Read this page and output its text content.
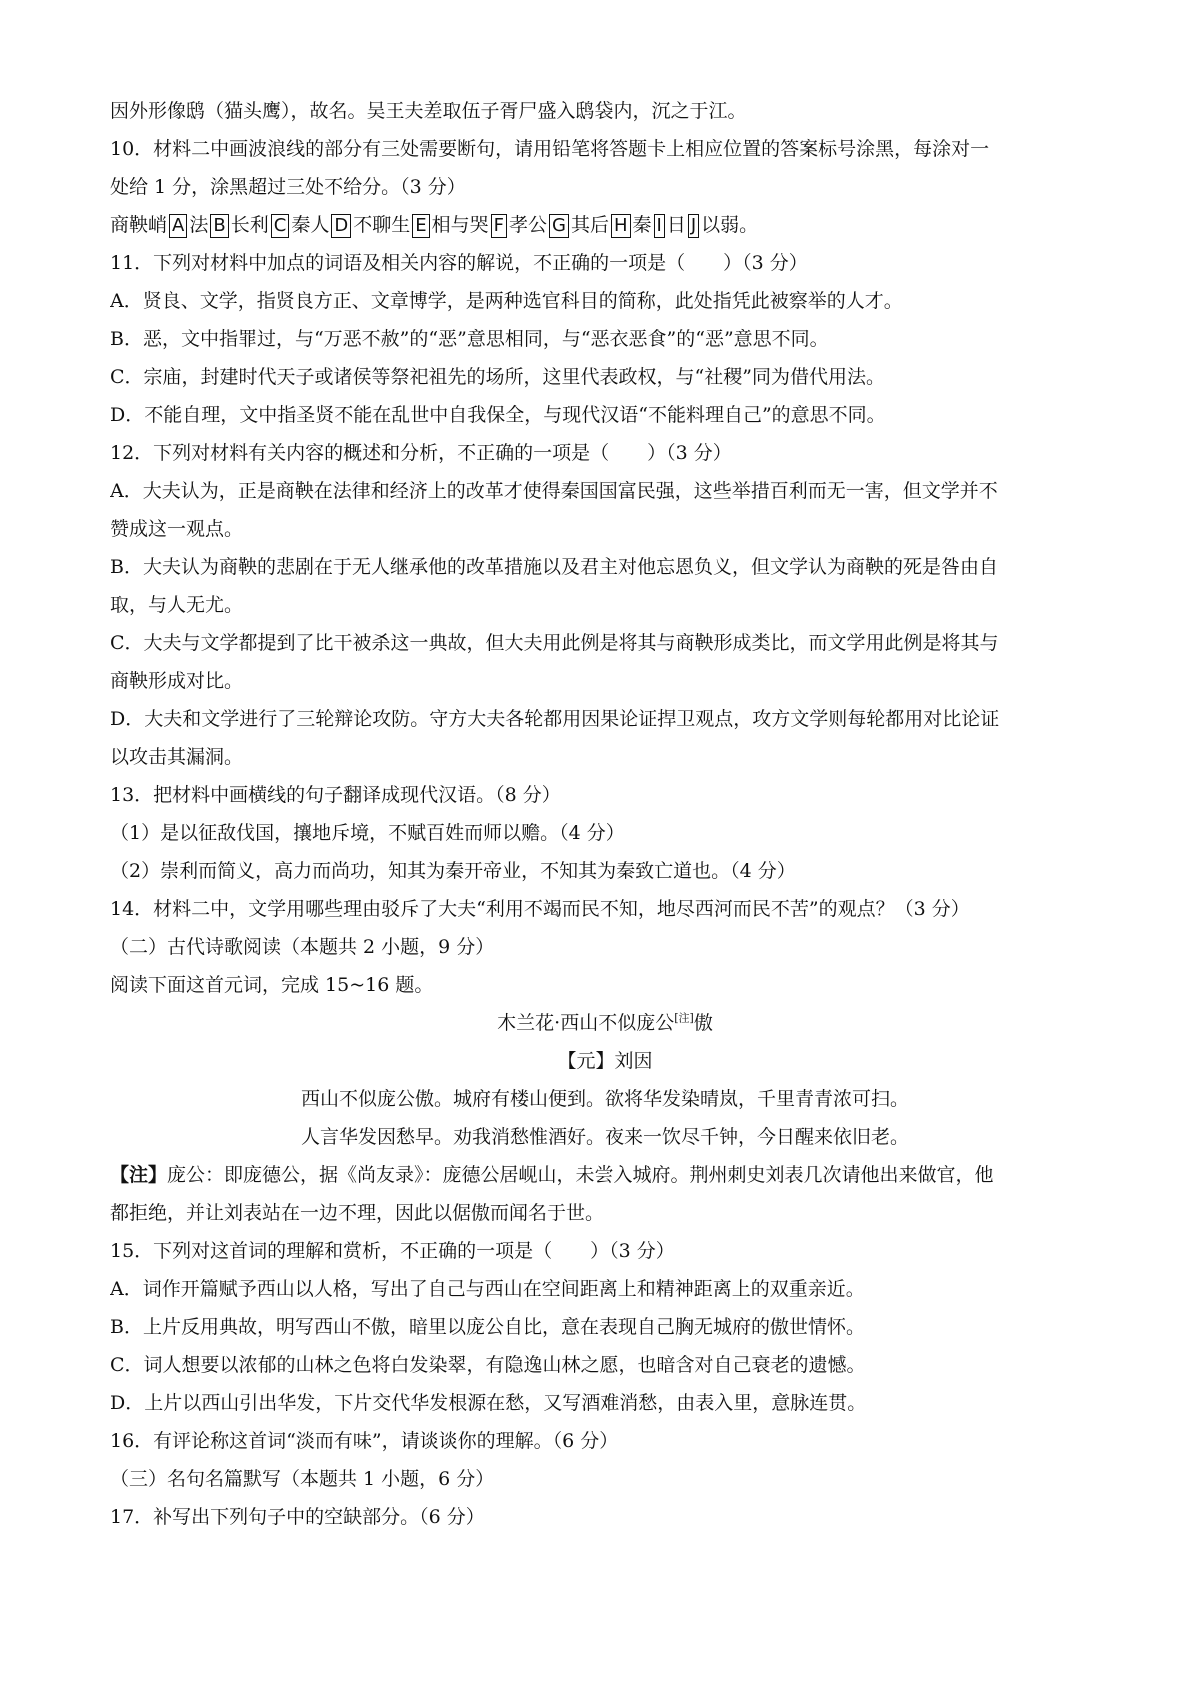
因外形像鸱（猫头鹰），故名。吴王夫差取伍子胥尸盛入鸱袋内，沉之于江。
10．材料二中画波浪线的部分有三处需要断句，请用铅笔将答题卡上相应位置的答案标号涂黑，每涂对一
处给 1 分，涂黑超过三处不给分。（3 分）
商鞅峭 A 法 B 长利 C 秦人 D 不聊生 E 相与哭 F 孝公 G 其后 H 秦 I 日 J 以弱。
11．下列对材料中加点的词语及相关内容的解说，不正确的一项是（　　）（3 分）
A．贤良、文学，指贤良方正、文章博学，是两种选官科目的简称，此处指凭此被察举的人才。
B．恶，文中指罪过，与“万恶不赦”的“恶”意思相同，与“恶衣恶食”的“恶”意思不同。
C．宗庙，封建时代天子或诸侯等祭祀祖先的场所，这里代表政权，与“社稷”同为借代用法。
D．不能自理，文中指圣贤不能在乱世中自我保全，与现代汉语“不能料理自己”的意思不同。
12．下列对材料有关内容的概述和分析，不正确的一项是（　　）（3 分）
A．大夫认为，正是商鞅在法律和经济上的改革才使得秦国国富民强，这些举措百利而无一害，但文学并不
赞成这一观点。
B．大夫认为商鞅的悲剧在于无人继承他的改革措施以及君主对他忘恩负义，但文学认为商鞅的死是咎由自
取，与人无尤。
C．大夫与文学都提到了比干被杀这一典故，但大夫用此例是将其与商鞅形成类比，而文学用此例是将其与
商鞅形成对比。
D．大夫和文学进行了三轮辩论攻防。守方大夫各轮都用因果论证捍卫观点，攻方文学则每轮都用对比论证
以攻击其漏洞。
13．把材料中画横线的句子翻译成现代汉语。（8 分）
（1）是以征敌伐国，攘地斥境，不赋百姓而师以赡。（4 分）
（2）崇利而简义，高力而尚功，知其为秦开帝业，不知其为秦致亡道也。（4 分）
14．材料二中，文学用哪些理由驳斥了大夫“利用不竭而民不知，地尽西河而民不苦”的观点？（3 分）
（二）古代诗歌阅读（本题共 2 小题，9 分）
阅读下面这首元词，完成 15~16 题。
木兰花·西山不似庞公[注]傲
【元】刘因
西山不似庞公傲。城府有楼山便到。欲将华发染晴岚，千里青青浓可扫。
人言华发因愁早。劝我消愁惟酒好。夜来一饮尽千钟，今日醒来依旧老。
【注】庞公：即庞德公，据《尚友录》：庞德公居岘山，未尝入城府。荆州刺史刘表几次请他出来做官，他
都拒绝，并让刘表站在一边不理，因此以倨傲而闻名于世。
15．下列对这首词的理解和赏析，不正确的一项是（　　）（3 分）
A．词作开篇赋予西山以人格，写出了自己与西山在空间距离上和精神距离上的双重亲近。
B．上片反用典故，明写西山不傲，暗里以庞公自比，意在表现自己胸无城府的傲世情怀。
C．词人想要以浓郁的山林之色将白发染翠，有隐逸山林之愿，也暗含对自己衰老的遗憾。
D．上片以西山引出华发，下片交代华发根源在愁，又写酒难消愁，由表入里，意脉连贯。
16．有评论称这首词“淡而有味”，请谈谈你的理解。（6 分）
（三）名句名篇默写（本题共 1 小题，6 分）
17．补写出下列句子中的空缺部分。（6 分）
